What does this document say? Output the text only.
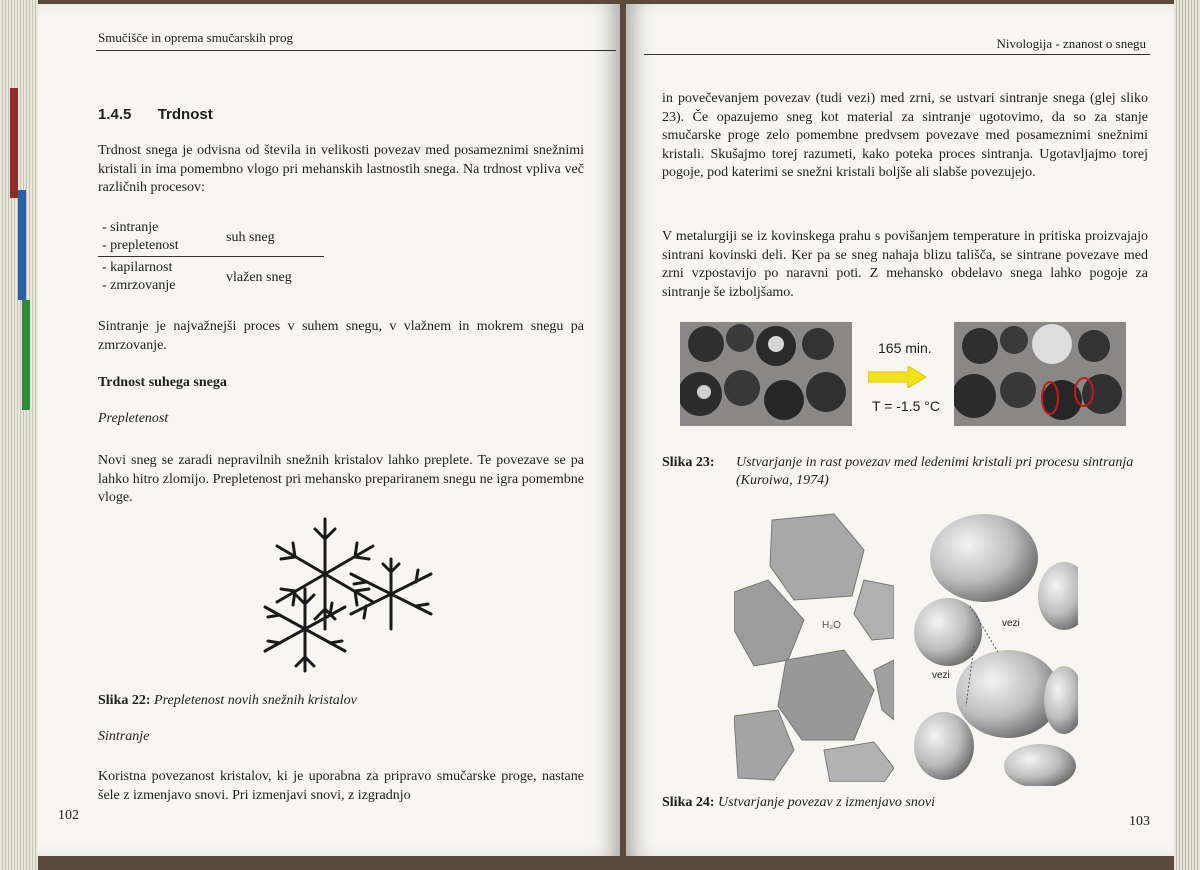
Smučišče in oprema smučarskih prog
1.4.5 Trdnost
Trdnost snega je odvisna od števila in velikosti povezav med posameznimi snežnimi kristali in ima pomembno vlogo pri mehanskih lastnostih snega. Na trdnost vpliva več različnih procesov:
- sintranje
- prepletenost
suh sneg
- kapilarnost
- zmrzovanje
vlažen sneg
Sintranje je najvažnejši proces v suhem snegu, v vlažnem in mokrem snegu pa zmrzovanje.
Trdnost suhega snega
Prepletenost
Novi sneg se zaradi nepravilnih snežnih kristalov lahko preplete. Te povezave se pa lahko hitro zlomijo. Prepletenost pri mehansko prepariranem snegu ne igra pomembne vloge.
Slika 22: Prepletenost novih snežnih kristalov
Sintranje
Koristna povezanost kristalov, ki je uporabna za pripravo smučarske proge, nastane šele z izmenjavo snovi. Pri izmenjavi snovi, z izgradnjo
102
Nivologija - znanost o snegu
in povečevanjem povezav (tudi vezi) med zrni, se ustvari sintranje snega (glej sliko 23). Če opazujemo sneg kot material za sintranje ugotovimo, da so za stanje smučarske proge zelo pomembne predvsem povezave med posameznimi snežnimi kristali. Skušajmo torej razumeti, kako poteka proces sintranja. Ugotavljajmo torej pogoje, pod katerimi se snežni kristali boljše ali slabše povezujejo.
V metalurgiji se iz kovinskega prahu s povišanjem temperature in pritiska proizvajajo sintrani kovinski deli. Ker pa se sneg nahaja blizu tališča, se sintrane povezave med zrni vzpostavijo po naravni poti. Z mehansko obdelavo snega lahko pogoje za sintranje še izboljšamo.
165 min.
T = -1.5 °C
Slika 23: Ustvarjanje in rast povezav med ledenimi kristali pri procesu sintranja (Kuroiwa, 1974)
H₂O	vezi
vezi
Slika 24: Ustvarjanje povezav z izmenjavo snovi
103
